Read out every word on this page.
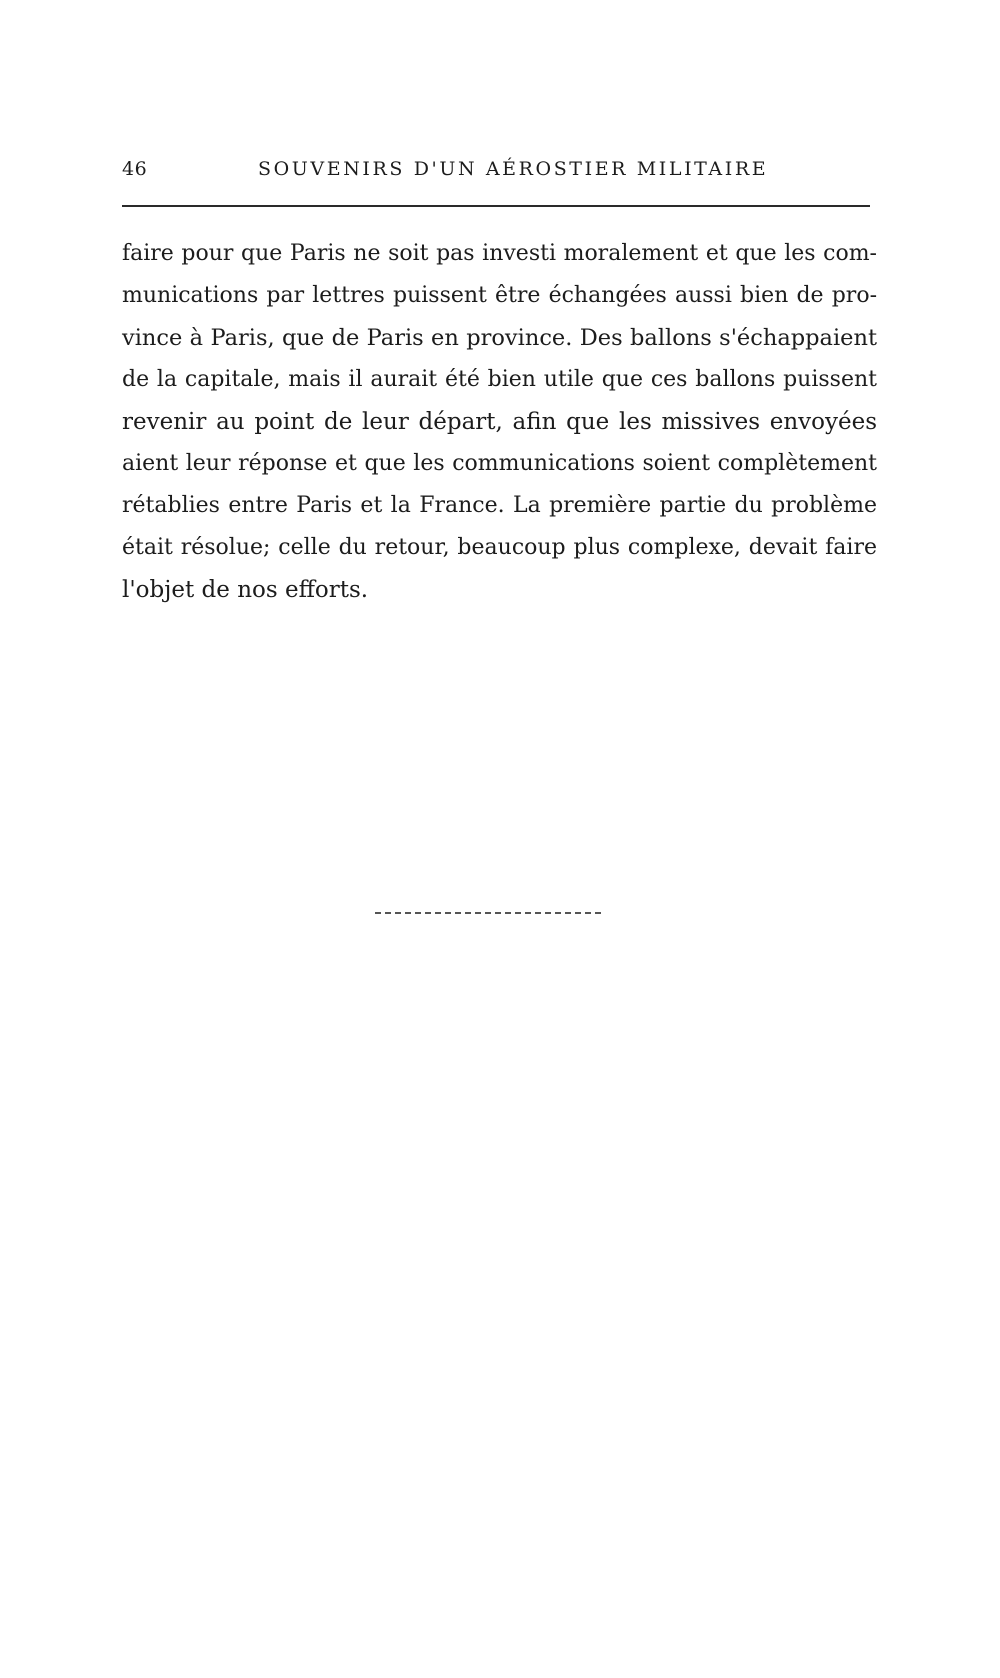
46	SOUVENIRS D'UN AÉROSTIER MILITAIRE

faire pour que Paris ne soit pas investi moralement et que les com-
munications par lettres puissent être échangées aussi bien de pro-
vince à Paris, que de Paris en province. Des ballons s'échappaient
de la capitale, mais il aurait été bien utile que ces ballons puissent
revenir au point de leur départ, afin que les missives envoyées
aient leur réponse et que les communications soient complètement
rétablies entre Paris et la France. La première partie du problème
était résolue; celle du retour, beaucoup plus complexe, devait faire
l'objet de nos efforts.
